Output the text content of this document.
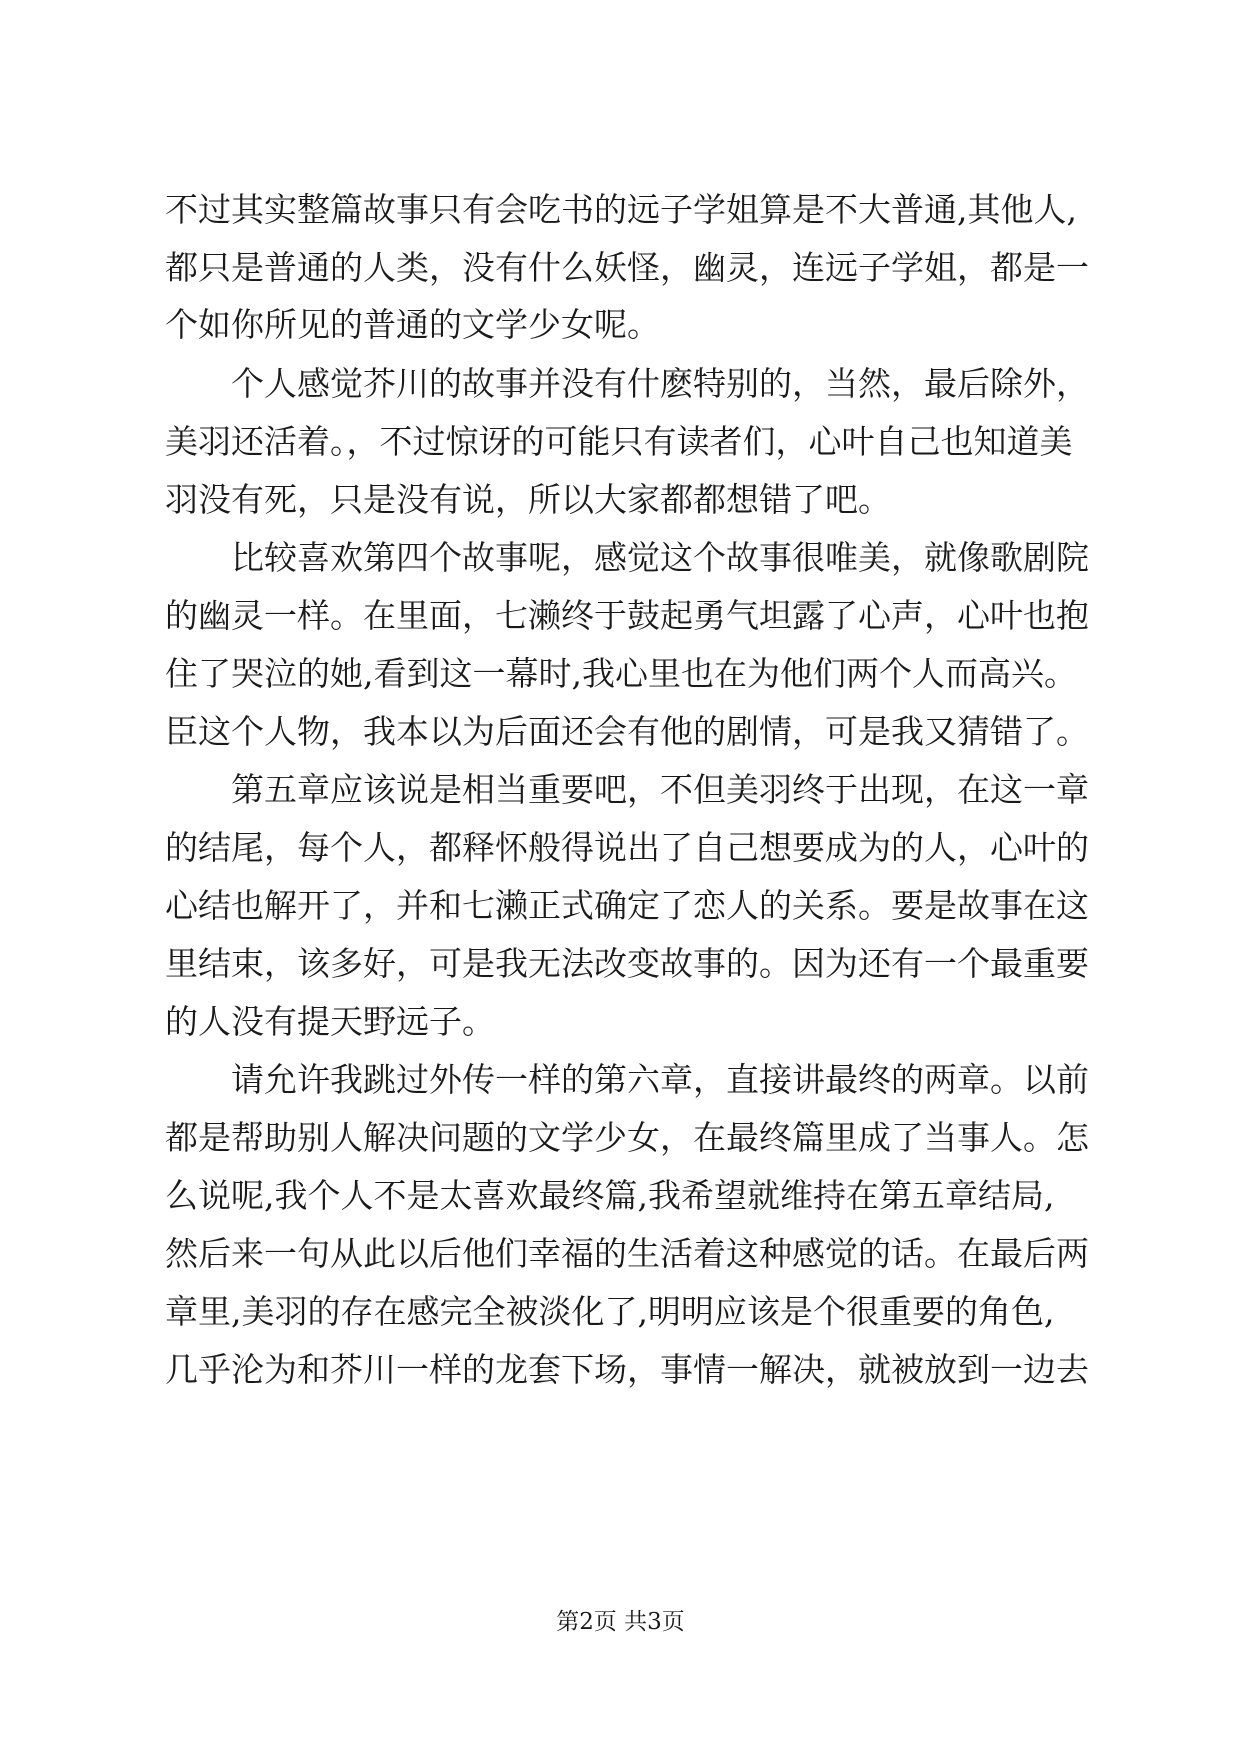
不过其实整篇故事只有会吃书的远子学姐算是不大普通,其他人,
都只是普通的人类，没有什么妖怪，幽灵，连远子学姐，都是一
个如你所见的普通的文学少女呢。
个人感觉芥川的故事并没有什麽特别的，当然，最后除外，
美羽还活着。，不过惊讶的可能只有读者们，心叶自己也知道美
羽没有死，只是没有说，所以大家都都想错了吧。
比较喜欢第四个故事呢，感觉这个故事很唯美，就像歌剧院
的幽灵一样。在里面，七濑终于鼓起勇气坦露了心声，心叶也抱
住了哭泣的她,看到这一幕时,我心里也在为他们两个人而高兴。
臣这个人物，我本以为后面还会有他的剧情，可是我又猜错了。
第五章应该说是相当重要吧，不但美羽终于出现，在这一章
的结尾，每个人，都释怀般得说出了自己想要成为的人，心叶的
心结也解开了，并和七濑正式确定了恋人的关系。要是故事在这
里结束，该多好，可是我无法改变故事的。因为还有一个最重要
的人没有提天野远子。
请允许我跳过外传一样的第六章，直接讲最终的两章。以前
都是帮助别人解决问题的文学少女，在最终篇里成了当事人。怎
么说呢,我个人不是太喜欢最终篇,我希望就维持在第五章结局,
然后来一句从此以后他们幸福的生活着这种感觉的话。在最后两
章里,美羽的存在感完全被淡化了,明明应该是个很重要的角色,
几乎沦为和芥川一样的龙套下场，事情一解决，就被放到一边去
第2页 共3页
